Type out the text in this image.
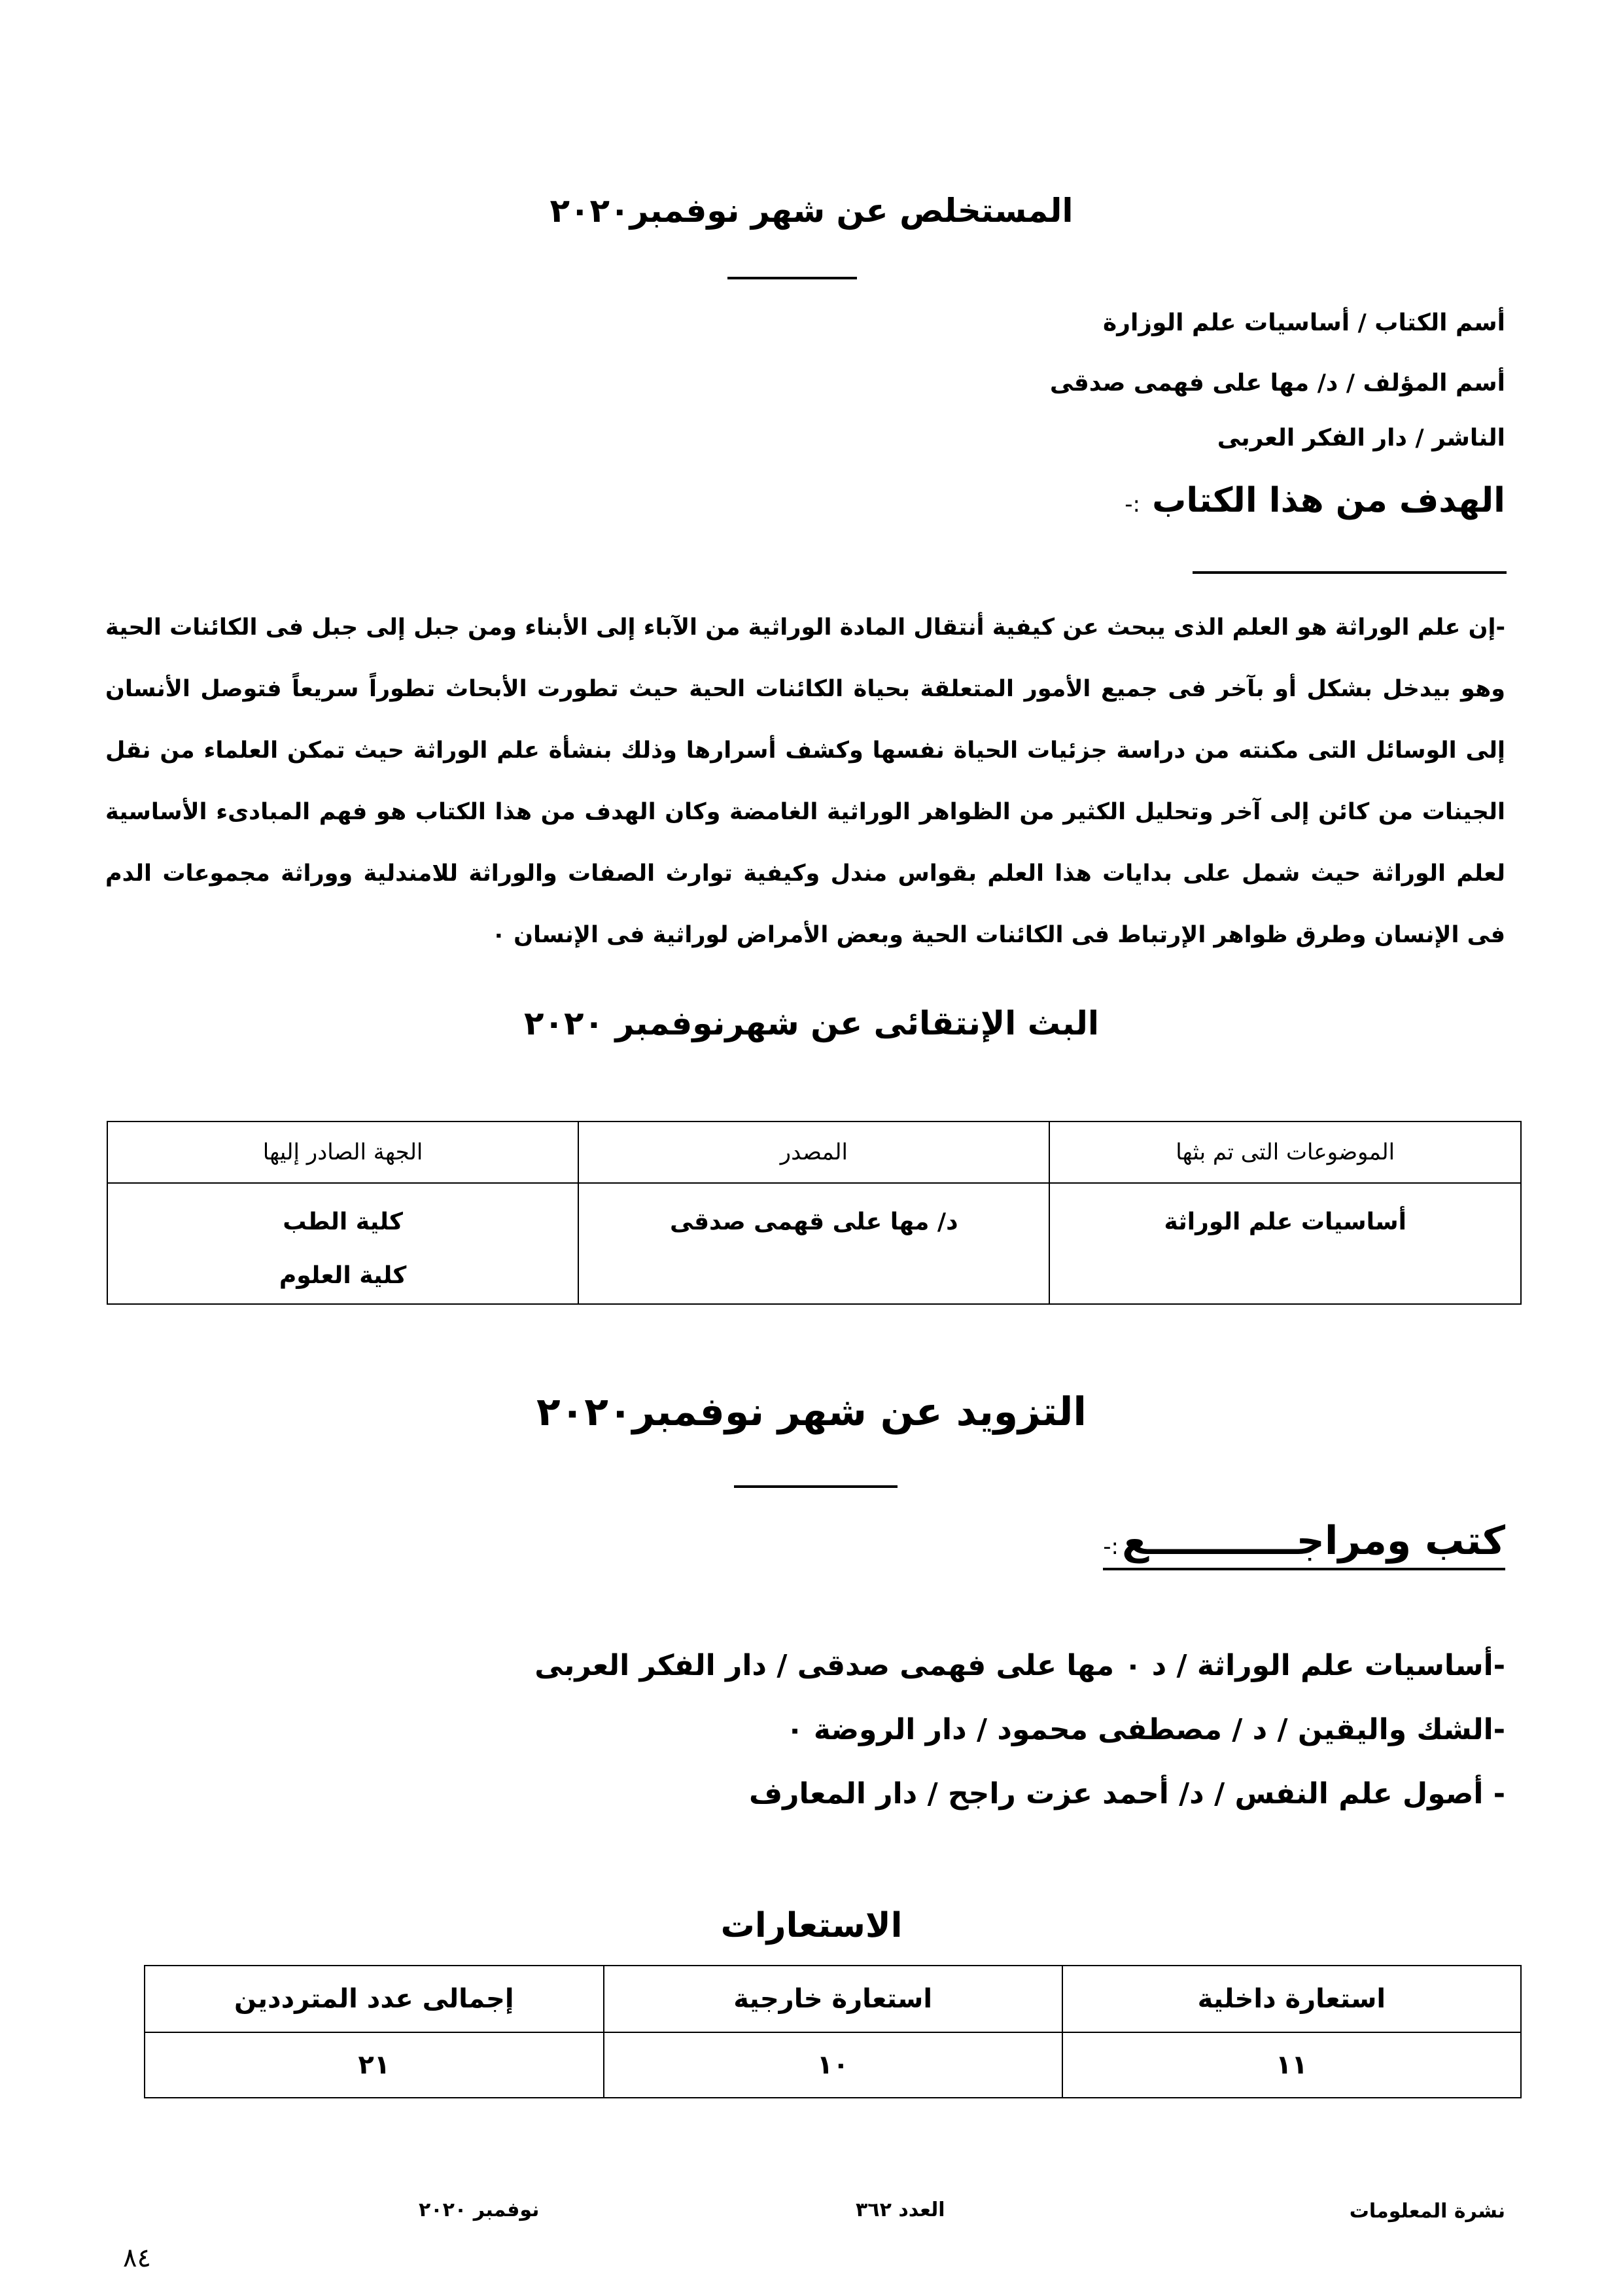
المستخلص عن شهر نوفمبر٢٠٢٠
أسم الكتاب / أساسيات علم الوزارة
أسم المؤلف / د/ مها على فهمى صدقى
الناشر / دار الفكر العربى
الهدف من هذا الكتاب :-
-إن علم الوراثة هو العلم الذى يبحث عن كيفية أنتقال المادة الوراثية من الآباء إلى الأبناء ومن جبل إلى جبل فى الكائنات الحية وهو بيدخل بشكل أو بآخر فى جميع الأمور المتعلقة بحياة الكائنات الحية حيث تطورت الأبحاث تطوراً سريعاً فتوصل الأنسان إلى الوسائل التى مكنته من دراسة جزئيات الحياة نفسها وكشف أسرارها وذلك بنشأة علم الوراثة حيث تمكن العلماء من نقل الجينات من كائن إلى آخر وتحليل الكثير من الظواهر الوراثية الغامضة وكان الهدف من هذا الكتاب هو فهم المبادىء الأساسية لعلم الوراثة حيث شمل على بدايات هذا العلم بقواس مندل وكيفية توارث الصفات والوراثة للامندلية ووراثة مجموعات الدم فى الإنسان وطرق ظواهر الإرتباط فى الكائنات الحية وبعض الأمراض لوراثية فى الإنسان ٠
البث الإنتقائى عن شهرنوفمبر ٢٠٢٠
الموضوعات التى تم بثها	المصدر	الجهة الصادر إليها
أساسيات علم الوراثة	د/ مها على قهمى صدقى	كلية الطب
كلية العلوم
التزويد عن شهر نوفمبر٢٠٢٠
كتب ومراجـــــــــــع :-
-أساسيات علم الوراثة / د ٠ مها على فهمى صدقى / دار الفكر العربى
-الشك واليقين / د / مصطفى محمود / دار الروضة ٠
- أصول علم النفس / د/ أحمد عزت راجح / دار المعارف
الاستعارات
استعارة داخلية	استعارة خارجية	إجمالى عدد المترددين
١١	١٠	٢١
نشرة المعلومات
العدد ٣٦٢
نوفمبر ٢٠٢٠
٨٤
